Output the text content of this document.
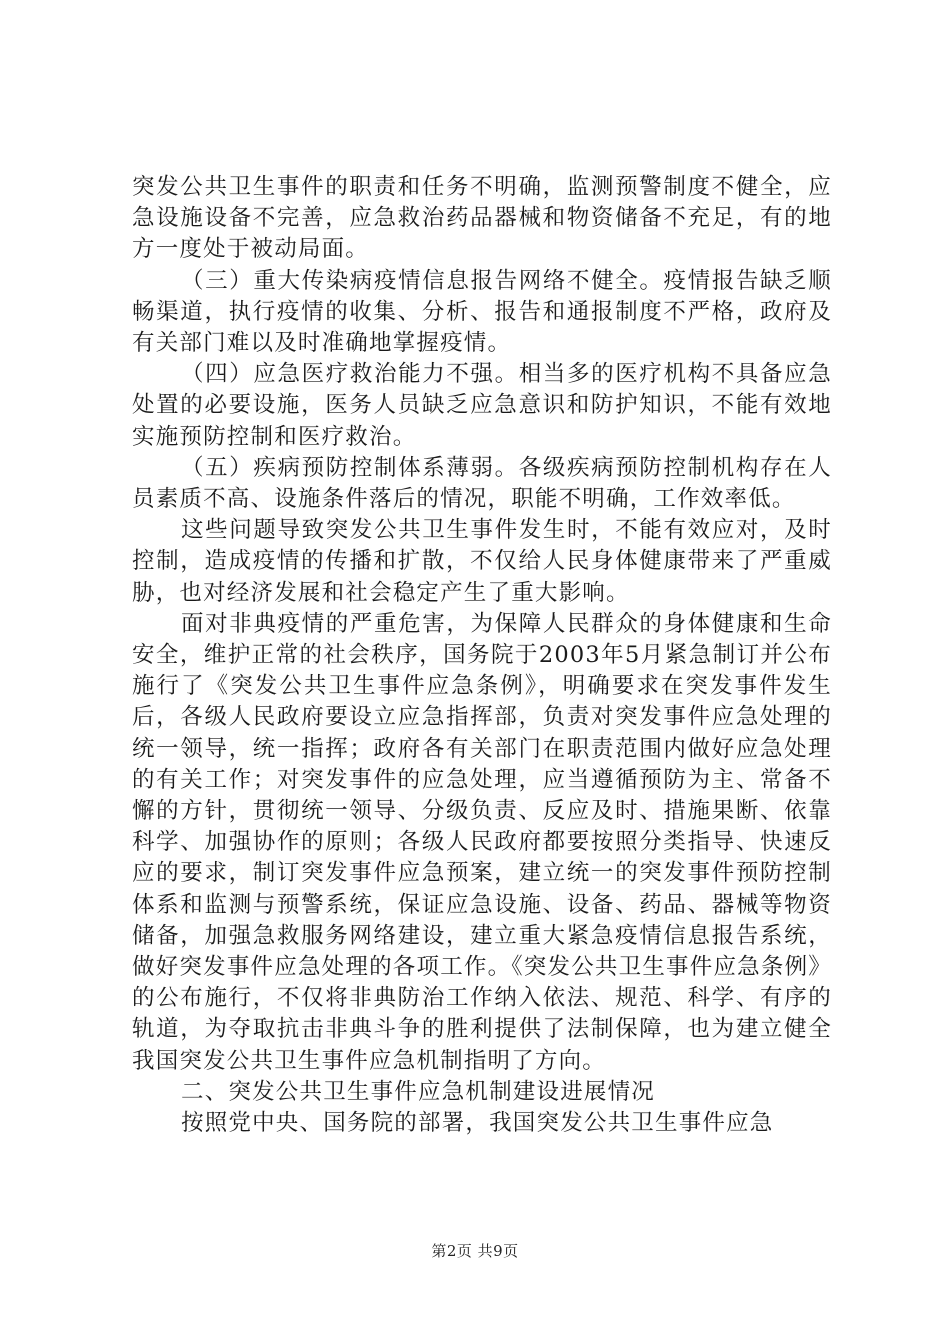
突发公共卫生事件的职责和任务不明确，监测预警制度不健全，应急设施设备不完善，应急救治药品器械和物资储备不充足，有的地方一度处于被动局面。

（三）重大传染病疫情信息报告网络不健全。疫情报告缺乏顺畅渠道，执行疫情的收集、分析、报告和通报制度不严格，政府及有关部门难以及时准确地掌握疫情。

（四）应急医疗救治能力不强。相当多的医疗机构不具备应急处置的必要设施，医务人员缺乏应急意识和防护知识，不能有效地实施预防控制和医疗救治。

（五）疾病预防控制体系薄弱。各级疾病预防控制机构存在人员素质不高、设施条件落后的情况，职能不明确，工作效率低。

这些问题导致突发公共卫生事件发生时，不能有效应对，及时控制，造成疫情的传播和扩散，不仅给人民身体健康带来了严重威胁，也对经济发展和社会稳定产生了重大影响。

面对非典疫情的严重危害，为保障人民群众的身体健康和生命安全，维护正常的社会秩序，国务院于2003年5月紧急制订并公布施行了《突发公共卫生事件应急条例》，明确要求在突发事件发生后，各级人民政府要设立应急指挥部，负责对突发事件应急处理的统一领导，统一指挥；政府各有关部门在职责范围内做好应急处理的有关工作；对突发事件的应急处理，应当遵循预防为主、常备不懈的方针，贯彻统一领导、分级负责、反应及时、措施果断、依靠科学、加强协作的原则；各级人民政府都要按照分类指导、快速反应的要求，制订突发事件应急预案，建立统一的突发事件预防控制体系和监测与预警系统，保证应急设施、设备、药品、器械等物资储备，加强急救服务网络建设，建立重大紧急疫情信息报告系统，做好突发事件应急处理的各项工作。《突发公共卫生事件应急条例》的公布施行，不仅将非典防治工作纳入依法、规范、科学、有序的轨道，为夺取抗击非典斗争的胜利提供了法制保障，也为建立健全我国突发公共卫生事件应急机制指明了方向。

二、突发公共卫生事件应急机制建设进展情况

按照党中央、国务院的部署，我国突发公共卫生事件应急

第2页 共9页
